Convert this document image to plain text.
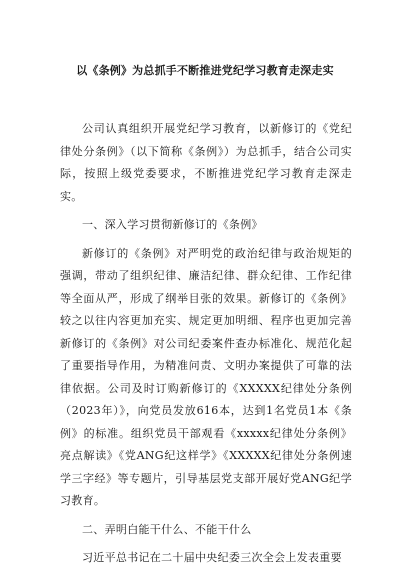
以《条例》为总抓手不断推进党纪学习教育走深走实

公司认真组织开展党纪学习教育，以新修订的《党纪律处分条例》（以下简称《条例》）为总抓手，结合公司实际，按照上级党委要求，不断推进党纪学习教育走深走实。

一、深入学习贯彻新修订的《条例》

新修订的《条例》对严明党的政治纪律与政治规矩的强调，带动了组织纪律、廉洁纪律、群众纪律、工作纪律等全面从严，形成了纲举目张的效果。新修订的《条例》较之以往内容更加充实、规定更加明细、程序也更加完善新修订的《条例》对公司纪委案件查办标准化、规范化起了重要指导作用，为精准问责、文明办案提供了可靠的法律依据。公司及时订购新修订的《XXXXX纪律处分条例（2023年）》，向党员发放616本，达到1名党员1本《条例》的标准。组织党员干部观看《xxxxx纪律处分条例》亮点解读》《党ANG纪这样学》《XXXXX纪律处分条例速学三字经》等专题片，引导基层党支部开展好党ANG纪学习教育。

二、弄明白能干什么、不能干什么

习近平总书记在二十届中央纪委三次全会上发表重要
